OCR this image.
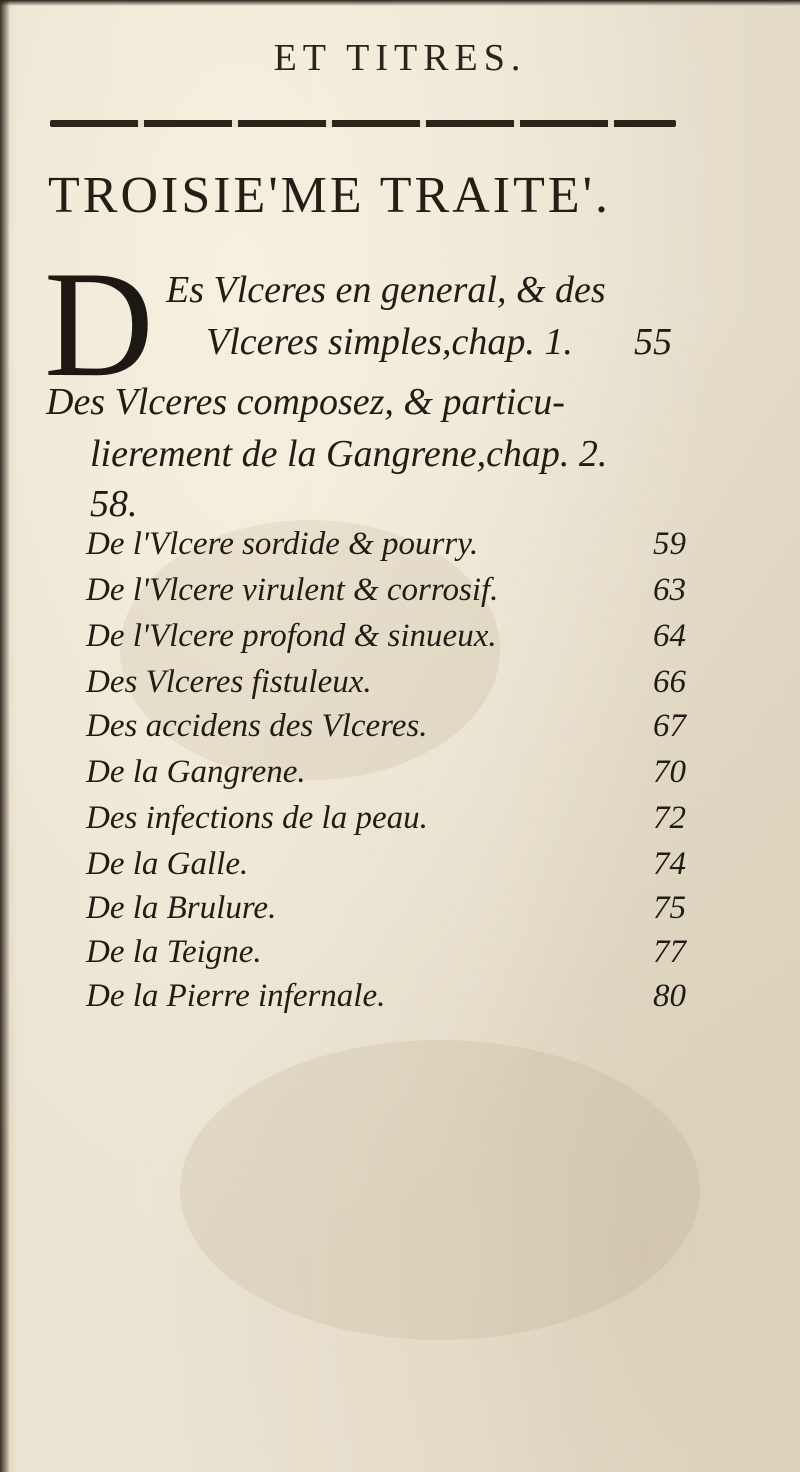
ET TITRES.
TROISIE'ME TRAITE'.
D Es Vlceres en general, & des
Vlceres simples,chap. 1. 55
Des Vlceres composez, & particu-
lierement de la Gangrene,chap. 2.
58.
De l'Vlcere sordide & pourry.	59
De l'Vlcere virulent & corrosif.	63
De l'Vlcere profond & sinueux.	64
Des Vlceres fistuleux.	66
Des accidens des Vlceres.	67
De la Gangrene.	70
Des infections de la peau.	72
De la Galle.	74
De la Brulure.	75
De la Teigne.	77
De la Pierre infernale.	80
